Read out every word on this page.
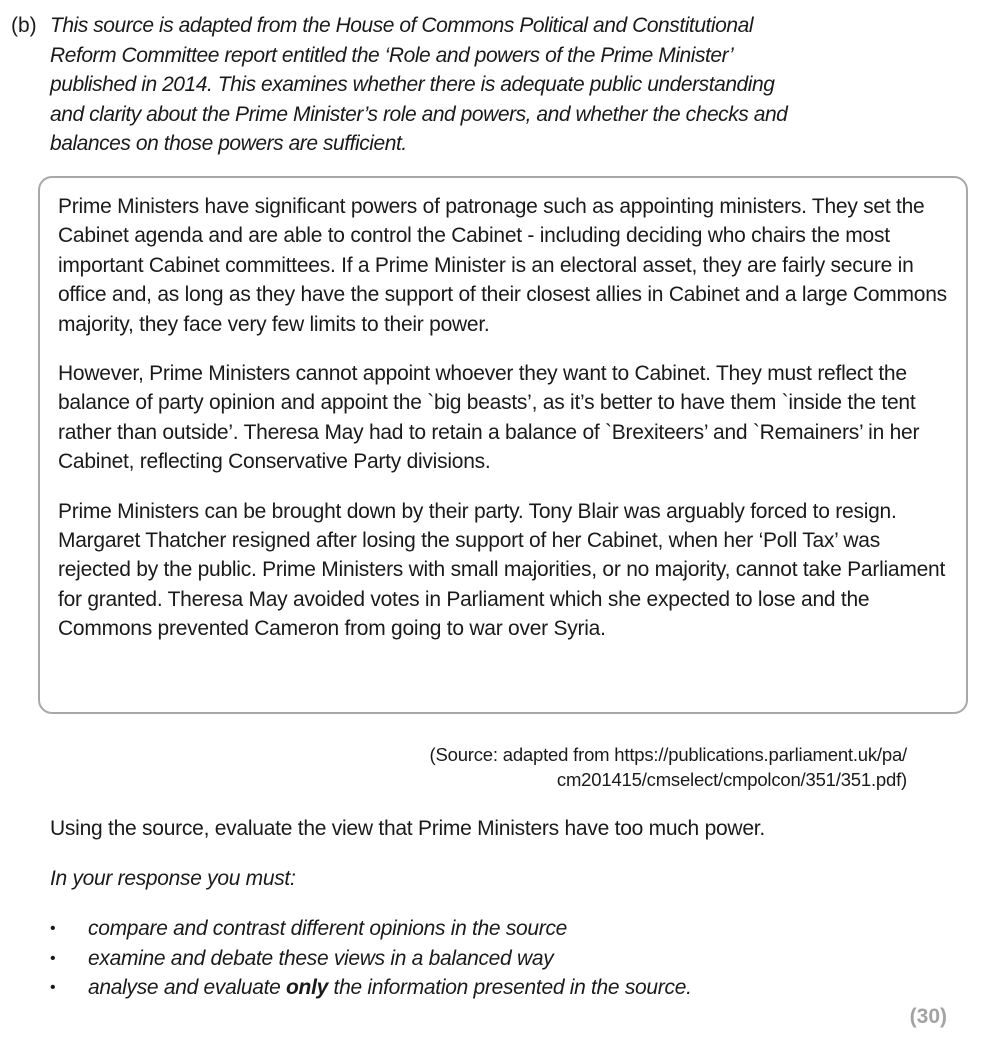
(b) This source is adapted from the House of Commons Political and Constitutional

Reform Committee report entitled the ‘Role and powers of the Prime Minister’

published in 2014. This examines whether there is adequate public understanding

and clarity about the Prime Minister’s role and powers, and whether the checks and

balances on those powers are sufficient.

Prime Ministers have significant powers of patronage such as appointing ministers. They set the Cabinet agenda and are able to control the Cabinet - including deciding who chairs the most important Cabinet committees. If a Prime Minister is an electoral asset, they are fairly secure in office and, as long as they have the support of their closest allies in Cabinet and a large Commons majority, they face very few limits to their power.

However, Prime Ministers cannot appoint whoever they want to Cabinet. They must reflect the balance of party opinion and appoint the `big beasts’, as it’s better to have them `inside the tent rather than outside’. Theresa May had to retain a balance of `Brexiteers’ and `Remainers’ in her Cabinet, reflecting Conservative Party divisions.

Prime Ministers can be brought down by their party. Tony Blair was arguably forced to resign. Margaret Thatcher resigned after losing the support of her Cabinet, when her ‘Poll Tax’ was rejected by the public. Prime Ministers with small majorities, or no majority, cannot take Parliament for granted. Theresa May avoided votes in Parliament which she expected to lose and the Commons prevented Cameron from going to war over Syria.

(Source: adapted from https://publications.parliament.uk/pa/
cm201415/cmselect/cmpolcon/351/351.pdf)
Using the source, evaluate the view that Prime Ministers have too much power.
In your response you must:
• compare and contrast different opinions in the source
• examine and debate these views in a balanced way
• analyse and evaluate only the information presented in the source.
(30)
